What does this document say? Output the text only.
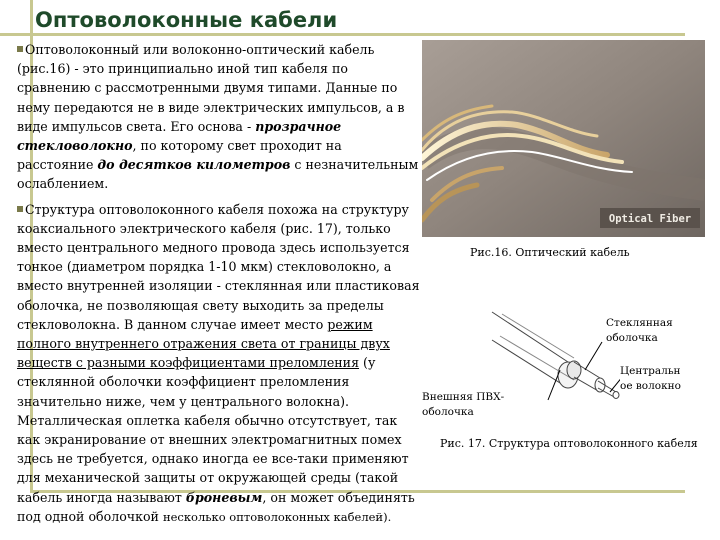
Оптоволоконные кабели

Оптоволоконный или волоконно-оптический кабель (рис.16) - это принципиально иной тип кабеля по сравнению с рассмотренными двумя типами. Данные по нему передаются не в виде электрических импульсов, а в виде импульсов света. Его основа - прозрачное стекловолокно, по которому свет проходит на расстояние до десятков километров с незначительным ослаблением.

Структура оптоволоконного кабеля похожа на структуру коаксиального электрического кабеля (рис. 17), только вместо центрального медного провода здесь используется тонкое (диаметром порядка 1-10 мкм) стекловолокно, а вместо внутренней изоляции - стеклянная или пластиковая оболочка, не позволяющая свету выходить за пределы стекловолокна. В данном случае имеет место режим полного внутреннего отражения света от границы двух веществ с разными коэффициентами преломления (у стеклянной оболочки коэффициент преломления значительно ниже, чем у центрального волокна). Металлическая оплетка кабеля обычно отсутствует, так как экранирование от внешних электромагнитных помех здесь не требуется, однако иногда ее все-таки применяют для механической защиты от окружающей среды (такой кабель иногда называют броневым, он может объединять под одной оболочкой несколько оптоволоконных кабелей).

Optical Fiber
Рис.16. Оптический кабель
Стеклянная оболочка
Центральн ое волокно
Внешняя ПВХ-оболочка
Рис. 17. Структура оптоволоконного кабеля
